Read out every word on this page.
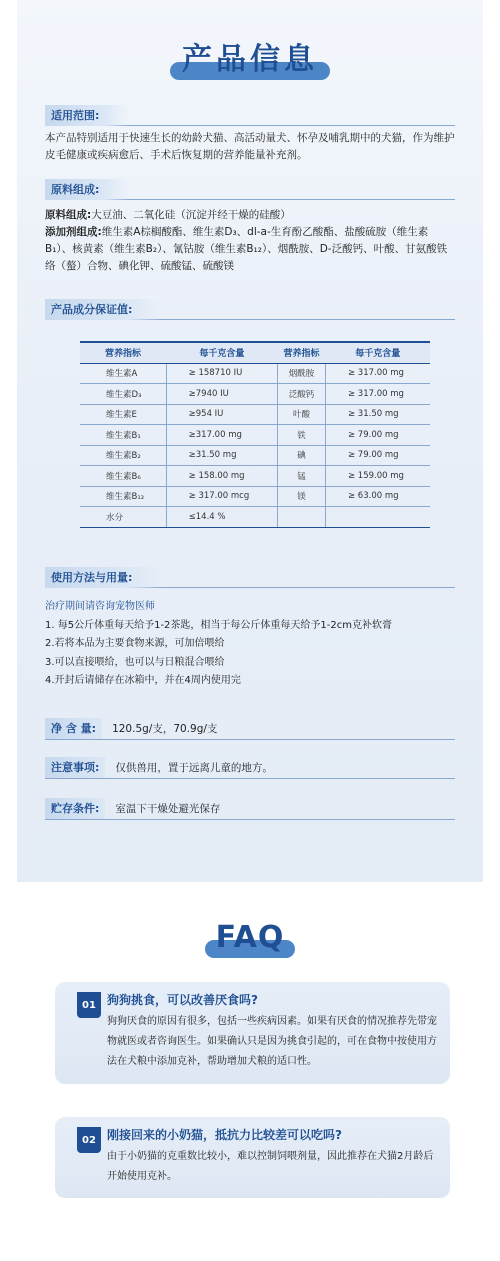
产品信息
适用范围:
本产品特别适用于快速生长的幼龄犬猫、高活动量犬、怀孕及哺乳期中的犬猫，作为维护皮毛健康或疾病愈后、手术后恢复期的营养能量补充剂。
原料组成:
原料组成:大豆油、二氧化硅（沉淀并经干燥的硅酸）
添加剂组成:维生素A棕榈酸酯、维生素D₃、dl-a-生育酚乙酸酯、盐酸硫胺（维生素B₁）、核黄素（维生素B₂）、氰钴胺（维生素B₁₂）、烟酰胺、D-泛酸钙、叶酸、甘氨酸铁络（螯）合物、碘化钾、硫酸锰、硫酸镁
产品成分保证值:
营养指标	每千克含量	营养指标	每千克含量
维生素A	≥ 158710 IU	烟酰胺	≥ 317.00 mg
维生素D₃	≥7940 IU	泛酸钙	≥ 317.00 mg
维生素E	≥954 IU	叶酸	≥ 31.50 mg
维生素B₁	≥317.00 mg	铁	≥ 79.00 mg
维生素B₂	≥31.50 mg	碘	≥ 79.00 mg
维生素B₆	≥ 158.00 mg	锰	≥ 159.00 mg
维生素B₁₂	≥ 317.00 mcg	镁	≥ 63.00 mg
水分	≤14.4 %		
使用方法与用量:
治疗期间请咨询宠物医师
1. 每5公斤体重每天给予1-2茶匙，相当于每公斤体重每天给予1-2cm克补软膏
2.若将本品为主要食物来源，可加倍喂给
3.可以直接喂给，也可以与日粮混合喂给
4.开封后请储存在冰箱中，并在4周内使用完
净 含 量:	120.5g/支，70.9g/支
注意事项:	仅供兽用，置于远离儿童的地方。
贮存条件:	室温下干燥处避光保存
FAQ
01 狗狗挑食，可以改善厌食吗?
狗狗厌食的原因有很多，包括一些疾病因素。如果有厌食的情况推荐先带宠物就医或者咨询医生。如果确认只是因为挑食引起的，可在食物中按使用方法在犬粮中添加克补，帮助增加犬粮的适口性。
02 刚接回来的小奶猫，抵抗力比较差可以吃吗?
由于小奶猫的克重数比较小，难以控制饲喂剂量，因此推荐在犬猫2月龄后开始使用克补。
